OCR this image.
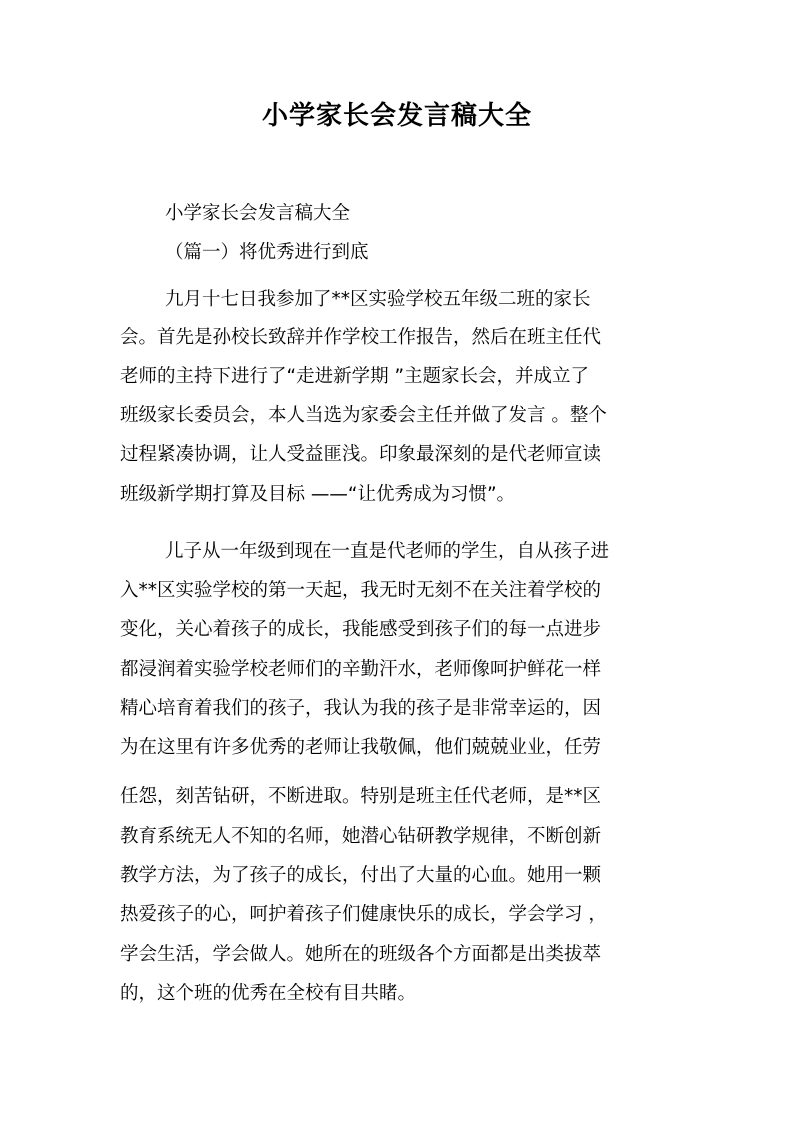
小学家长会发言稿大全
小学家长会发言稿大全
（篇一）将优秀进行到底
九月十七日我参加了**区实验学校五年级二班的家长
会。首先是孙校长致辞并作学校工作报告，然后在班主任代
老师的主持下进行了“走进新学期 ”主题家长会，并成立了
班级家长委员会，本人当选为家委会主任并做了发言 。整个
过程紧凑协调，让人受益匪浅。印象最深刻的是代老师宣读
班级新学期打算及目标 ——“让优秀成为习惯”。
儿子从一年级到现在一直是代老师的学生，自从孩子进
入**区实验学校的第一天起，我无时无刻不在关注着学校的
变化，关心着孩子的成长，我能感受到孩子们的每一点进步
都浸润着实验学校老师们的辛勤汗水，老师像呵护鲜花一样
精心培育着我们的孩子，我认为我的孩子是非常幸运的，因
为在这里有许多优秀的老师让我敬佩，他们兢兢业业，任劳
任怨，刻苦钻研，不断进取。特别是班主任代老师，是**区
教育系统无人不知的名师，她潜心钻研教学规律，不断创新
教学方法，为了孩子的成长，付出了大量的心血。她用一颗
热爱孩子的心，呵护着孩子们健康快乐的成长，学会学习 ，
学会生活，学会做人。她所在的班级各个方面都是出类拔萃
的，这个班的优秀在全校有目共睹。
